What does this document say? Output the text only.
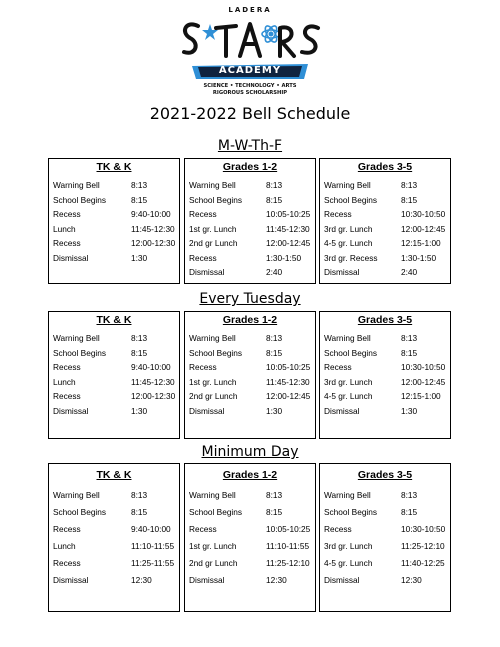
LADERA
ACADEMY
SCIENCE • TECHNOLOGY • ARTS
RIGOROUS SCHOLARSHIP
2021-2022 Bell Schedule
M-W-Th-F
TK & K
Warning Bell	8:13
School Begins	8:15
Recess	9:40-10:00
Lunch	11:45-12:30
Recess	12:00-12:30
Dismissal	1:30
Grades 1-2
Warning Bell	8:13
School Begins	8:15
Recess	10:05-10:25
1st gr. Lunch	11:45-12:30
2nd gr Lunch	12:00-12:45
Recess	1:30-1:50
Dismissal	2:40
Grades 3-5
Warning Bell	8:13
School Begins	8:15
Recess	10:30-10:50
3rd gr. Lunch	12:00-12:45
4-5 gr. Lunch	12:15-1:00
3rd gr. Recess	1:30-1:50
Dismissal	2:40
Every Tuesday
TK & K
Warning Bell	8:13
School Begins	8:15
Recess	9:40-10:00
Lunch	11:45-12:30
Recess	12:00-12:30
Dismissal	1:30
Grades 1-2
Warning Bell	8:13
School Begins	8:15
Recess	10:05-10:25
1st gr. Lunch	11:45-12:30
2nd gr Lunch	12:00-12:45
Dismissal	1:30
Grades 3-5
Warning Bell	8:13
School Begins	8:15
Recess	10:30-10:50
3rd gr. Lunch	12:00-12:45
4-5 gr. Lunch	12:15-1:00
Dismissal	1:30
Minimum Day
TK & K
Warning Bell	8:13
School Begins	8:15
Recess	9:40-10:00
Lunch	11:10-11:55
Recess	11:25-11:55
Dismissal	12:30
Grades 1-2
Warning Bell	8:13
School Begins	8:15
Recess	10:05-10:25
1st gr. Lunch	11:10-11:55
2nd gr Lunch	11:25-12:10
Dismissal	12:30
Grades 3-5
Warning Bell	8:13
School Begins	8:15
Recess	10:30-10:50
3rd gr. Lunch	11:25-12:10
4-5 gr. Lunch	11:40-12:25
Dismissal	12:30
